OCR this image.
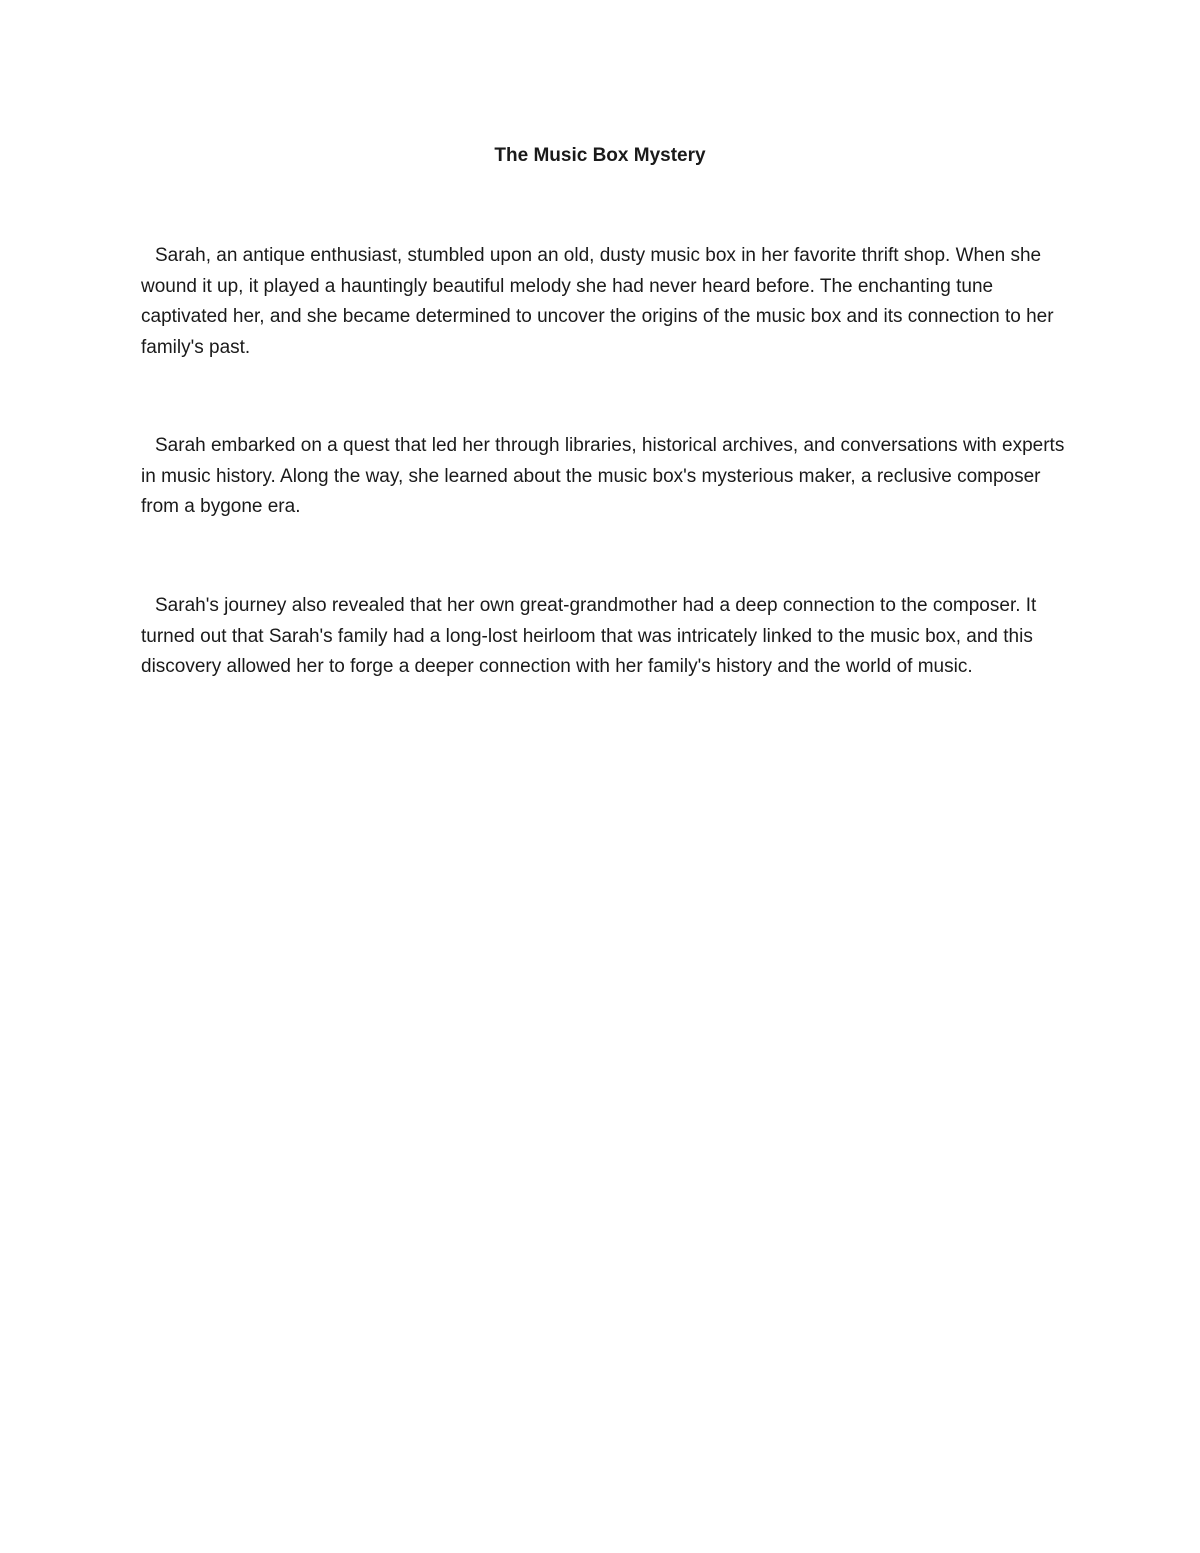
The Music Box Mystery

Sarah, an antique enthusiast, stumbled upon an old, dusty music box in her favorite thrift shop. When she wound it up, it played a hauntingly beautiful melody she had never heard before. The enchanting tune captivated her, and she became determined to uncover the origins of the music box and its connection to her family's past.

Sarah embarked on a quest that led her through libraries, historical archives, and conversations with experts in music history. Along the way, she learned about the music box's mysterious maker, a reclusive composer from a bygone era.

Sarah's journey also revealed that her own great-grandmother had a deep connection to the composer. It turned out that Sarah's family had a long-lost heirloom that was intricately linked to the music box, and this discovery allowed her to forge a deeper connection with her family's history and the world of music.
